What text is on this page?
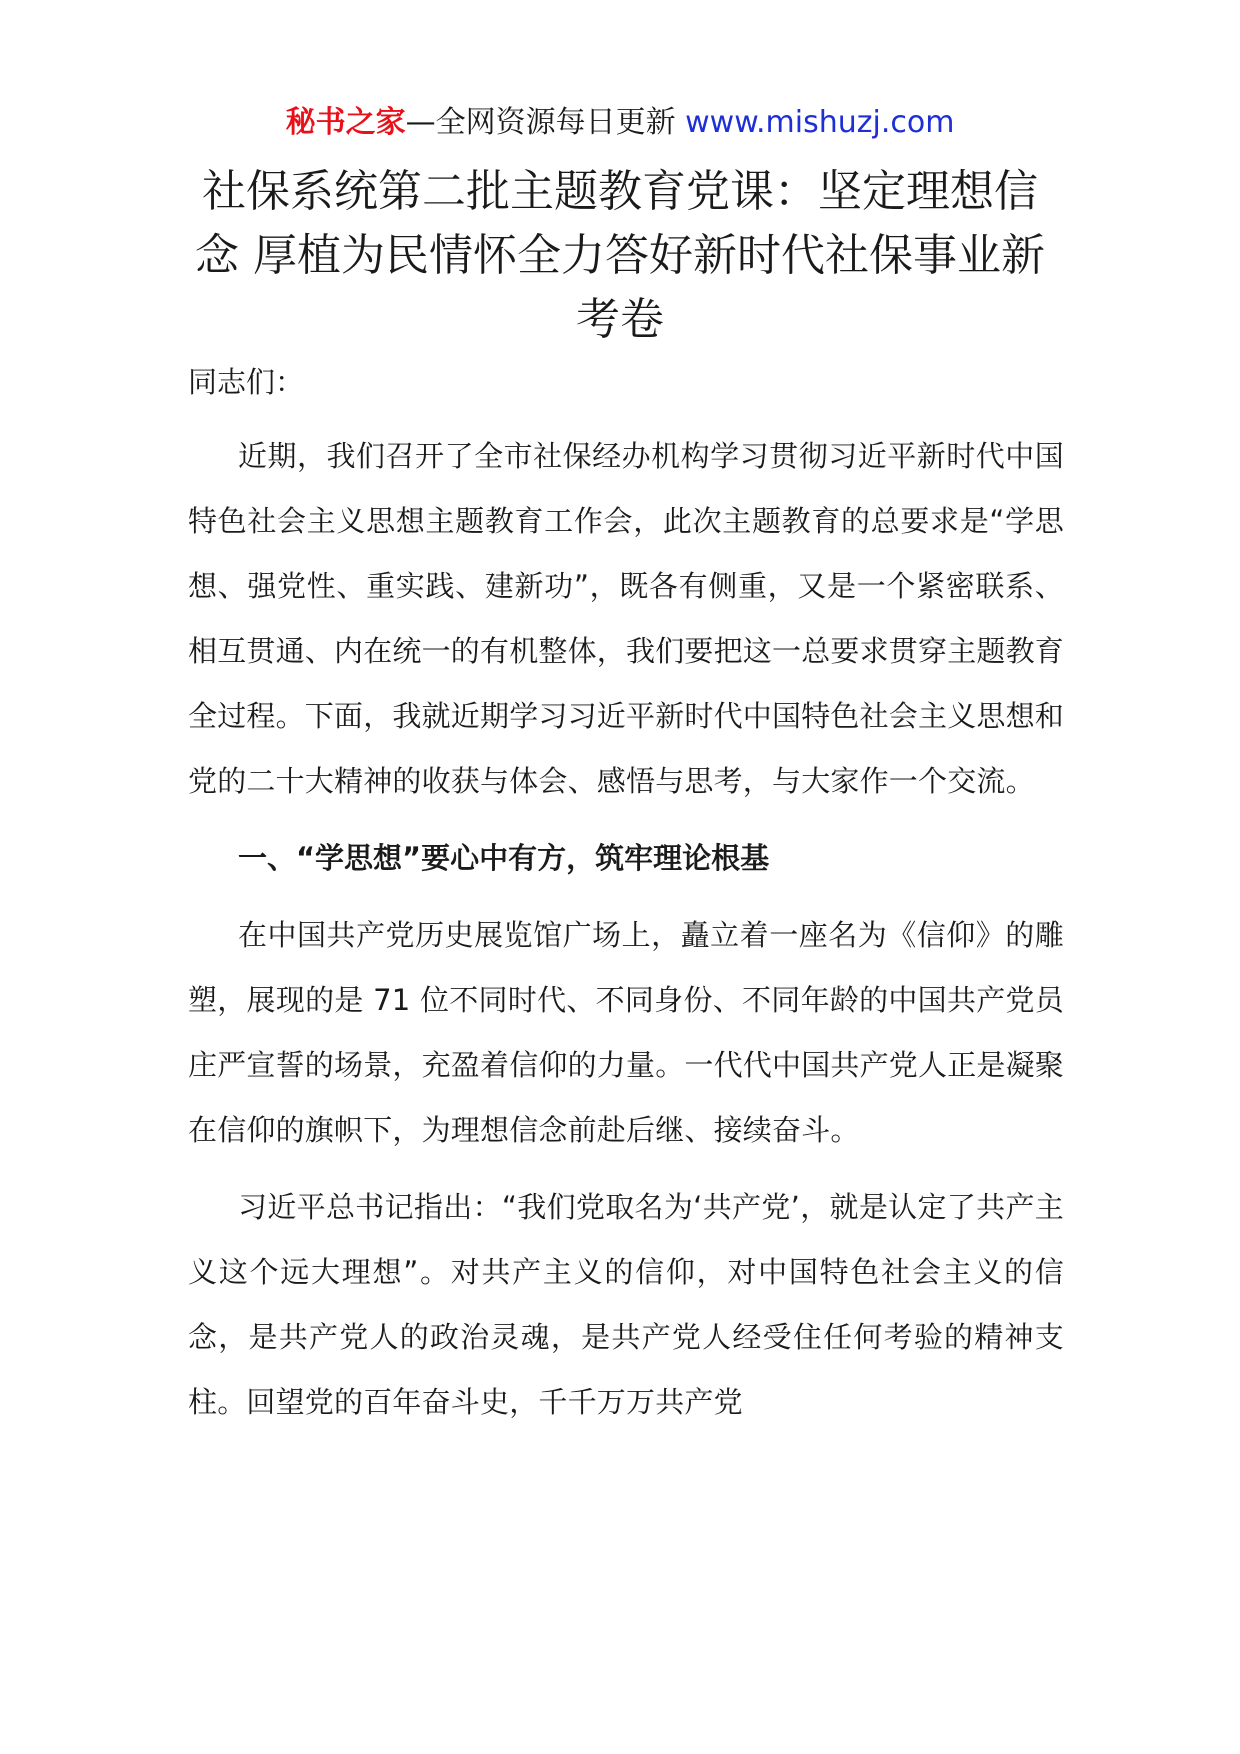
秘书之家—全网资源每日更新 www.mishuzj.com
社保系统第二批主题教育党课：坚定理想信念 厚植为民情怀全力答好新时代社保事业新考卷

同志们：

近期，我们召开了全市社保经办机构学习贯彻习近平新时代中国特色社会主义思想主题教育工作会，此次主题教育的总要求是“学思想、强党性、重实践、建新功”，既各有侧重，又是一个紧密联系、相互贯通、内在统一的有机整体，我们要把这一总要求贯穿主题教育全过程。下面，我就近期学习习近平新时代中国特色社会主义思想和党的二十大精神的收获与体会、感悟与思考，与大家作一个交流。

一、“学思想”要心中有方，筑牢理论根基

在中国共产党历史展览馆广场上，矗立着一座名为《信仰》的雕塑，展现的是 71 位不同时代、不同身份、不同年龄的中国共产党员庄严宣誓的场景，充盈着信仰的力量。一代代中国共产党人正是凝聚在信仰的旗帜下，为理想信念前赴后继、接续奋斗。

习近平总书记指出：“我们党取名为‘共产党’，就是认定了共产主义这个远大理想”。对共产主义的信仰，对中国特色社会主义的信念，是共产党人的政治灵魂，是共产党人经受住任何考验的精神支柱。回望党的百年奋斗史，千千万万共产党
